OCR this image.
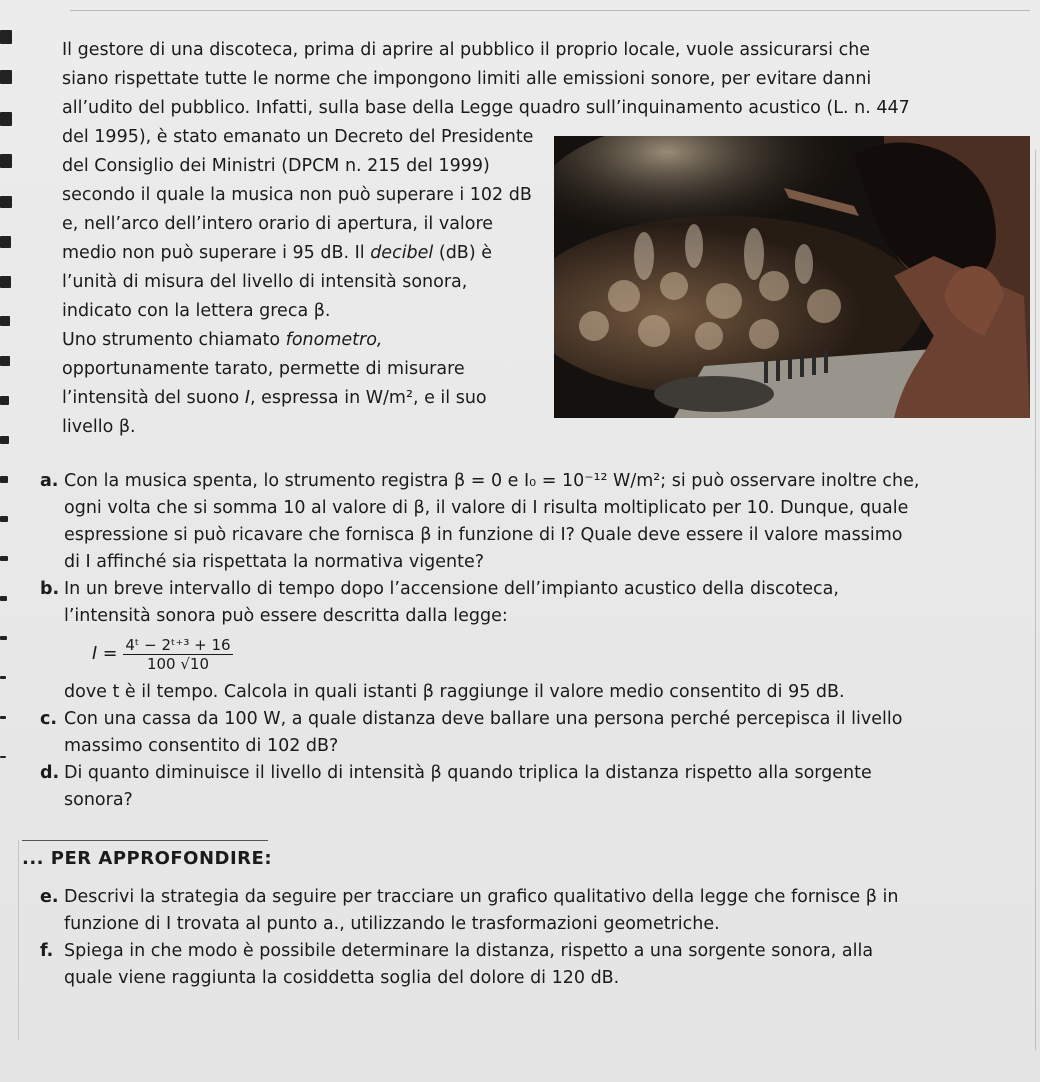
Il gestore di una discoteca, prima di aprire al pubblico il proprio locale, vuole assicurarsi che
siano rispettate tutte le norme che impongono limiti alle emissioni sonore, per evitare danni
all’udito del pubblico. Infatti, sulla base della Legge quadro sull’inquinamento acustico (L. n. 447
del 1995), è stato emanato un Decreto del Presidente
del Consiglio dei Ministri (DPCM n. 215 del 1999)
secondo il quale la musica non può superare i 102 dB
e, nell’arco dell’intero orario di apertura, il valore
medio non può superare i 95 dB. Il decibel (dB) è
l’unità di misura del livello di intensità sonora,
indicato con la lettera greca β.
Uno strumento chiamato fonometro,
opportunamente tarato, permette di misurare
l’intensità del suono I, espressa in W/m², e il suo
livello β.
a. Con la musica spenta, lo strumento registra β = 0 e I₀ = 10⁻¹² W/m²; si può osservare inoltre che,
ogni volta che si somma 10 al valore di β, il valore di I risulta moltiplicato per 10. Dunque, quale
espressione si può ricavare che fornisca β in funzione di I? Quale deve essere il valore massimo
di I affinché sia rispettata la normativa vigente?
b. In un breve intervallo di tempo dopo l’accensione dell’impianto acustico della discoteca,
l’intensità sonora può essere descritta dalla legge:
$I = \frac{\text{4ᵗ − 2ᵗ⁺³ + 16}}{100 √10}$
dove t è il tempo. Calcola in quali istanti β raggiunge il valore medio consentito di 95 dB.
c. Con una cassa da 100 W, a quale distanza deve ballare una persona perché percepisca il livello
massimo consentito di 102 dB?
d. Di quanto diminuisce il livello di intensità β quando triplica la distanza rispetto alla sorgente
sonora?
... PER APPROFONDIRE:
e. Descrivi la strategia da seguire per tracciare un grafico qualitativo della legge che fornisce β in
funzione di I trovata al punto a., utilizzando le trasformazioni geometriche.
f. Spiega in che modo è possibile determinare la distanza, rispetto a una sorgente sonora, alla
quale viene raggiunta la cosiddetta soglia del dolore di 120 dB.
